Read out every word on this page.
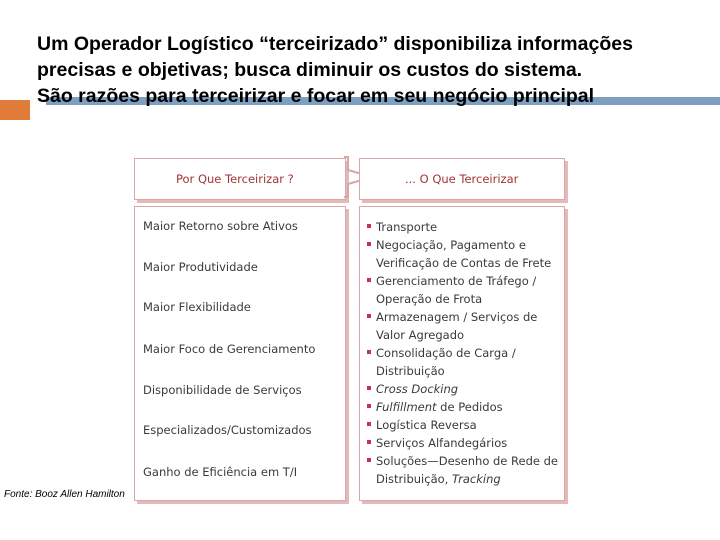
Um Operador Logístico “terceirizado” disponibiliza informações precisas e objetivas; busca diminuir os custos do sistema.

São razões para terceirizar e focar em seu negócio principal

Por Que Terceirizar ?	... O Que Terceirizar
Maior Retorno sobre Ativos
Maior Produtividade
Maior Flexibilidade
Maior Foco de Gerenciamento
Disponibilidade de Serviços
Especializados/Customizados
Ganho de Eficiência em T/I
Transporte
Negociação, Pagamento e Verificação de Contas de Frete
Gerenciamento de Tráfego / Operação de Frota
Armazenagem / Serviços de Valor Agregado
Consolidação de Carga / Distribuição
Cross Docking
Fulfillment de Pedidos
Logística Reversa
Serviços Alfandegários
Soluções—Desenho de Rede de Distribuição, Tracking
Fonte: Booz Allen Hamilton
